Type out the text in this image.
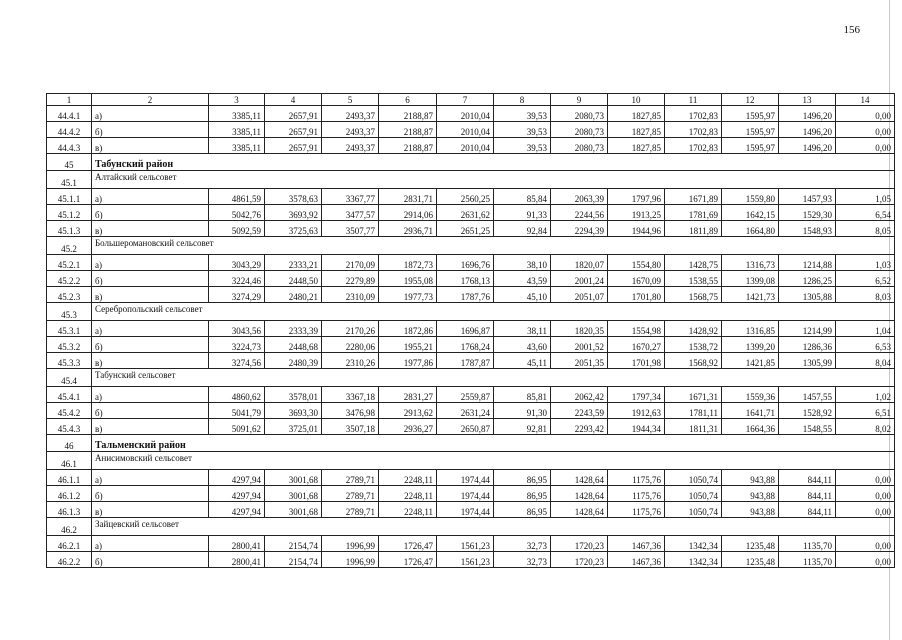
156
1	2	3	4	5	6	7	8	9	10	11	12	13	14
44.4.1	а)	3385,11	2657,91	2493,37	2188,87	2010,04	39,53	2080,73	1827,85	1702,83	1595,97	1496,20	0,00
44.4.2	б)	3385,11	2657,91	2493,37	2188,87	2010,04	39,53	2080,73	1827,85	1702,83	1595,97	1496,20	0,00
44.4.3	в)	3385,11	2657,91	2493,37	2188,87	2010,04	39,53	2080,73	1827,85	1702,83	1595,97	1496,20	0,00
45	Табунский район												
45.1	Алтайский сельсовет												
45.1.1	а)	4861,59	3578,63	3367,77	2831,71	2560,25	85,84	2063,39	1797,96	1671,89	1559,80	1457,93	1,05
45.1.2	б)	5042,76	3693,92	3477,57	2914,06	2631,62	91,33	2244,56	1913,25	1781,69	1642,15	1529,30	6,54
45.1.3	в)	5092,59	3725,63	3507,77	2936,71	2651,25	92,84	2294,39	1944,96	1811,89	1664,80	1548,93	8,05
45.2	Большеромановский сельсовет												
45.2.1	а)	3043,29	2333,21	2170,09	1872,73	1696,76	38,10	1820,07	1554,80	1428,75	1316,73	1214,88	1,03
45.2.2	б)	3224,46	2448,50	2279,89	1955,08	1768,13	43,59	2001,24	1670,09	1538,55	1399,08	1286,25	6,52
45.2.3	в)	3274,29	2480,21	2310,09	1977,73	1787,76	45,10	2051,07	1701,80	1568,75	1421,73	1305,88	8,03
45.3	Серебропольский сельсовет												
45.3.1	а)	3043,56	2333,39	2170,26	1872,86	1696,87	38,11	1820,35	1554,98	1428,92	1316,85	1214,99	1,04
45.3.2	б)	3224,73	2448,68	2280,06	1955,21	1768,24	43,60	2001,52	1670,27	1538,72	1399,20	1286,36	6,53
45.3.3	в)	3274,56	2480,39	2310,26	1977,86	1787,87	45,11	2051,35	1701,98	1568,92	1421,85	1305,99	8,04
45.4	Табунский сельсовет												
45.4.1	а)	4860,62	3578,01	3367,18	2831,27	2559,87	85,81	2062,42	1797,34	1671,31	1559,36	1457,55	1,02
45.4.2	б)	5041,79	3693,30	3476,98	2913,62	2631,24	91,30	2243,59	1912,63	1781,11	1641,71	1528,92	6,51
45.4.3	в)	5091,62	3725,01	3507,18	2936,27	2650,87	92,81	2293,42	1944,34	1811,31	1664,36	1548,55	8,02
46	Тальменский район												
46.1	Анисимовский сельсовет												
46.1.1	а)	4297,94	3001,68	2789,71	2248,11	1974,44	86,95	1428,64	1175,76	1050,74	943,88	844,11	0,00
46.1.2	б)	4297,94	3001,68	2789,71	2248,11	1974,44	86,95	1428,64	1175,76	1050,74	943,88	844,11	0,00
46.1.3	в)	4297,94	3001,68	2789,71	2248,11	1974,44	86,95	1428,64	1175,76	1050,74	943,88	844,11	0,00
46.2	Зайцевский сельсовет												
46.2.1	а)	2800,41	2154,74	1996,99	1726,47	1561,23	32,73	1720,23	1467,36	1342,34	1235,48	1135,70	0,00
46.2.2	б)	2800,41	2154,74	1996,99	1726,47	1561,23	32,73	1720,23	1467,36	1342,34	1235,48	1135,70	0,00
